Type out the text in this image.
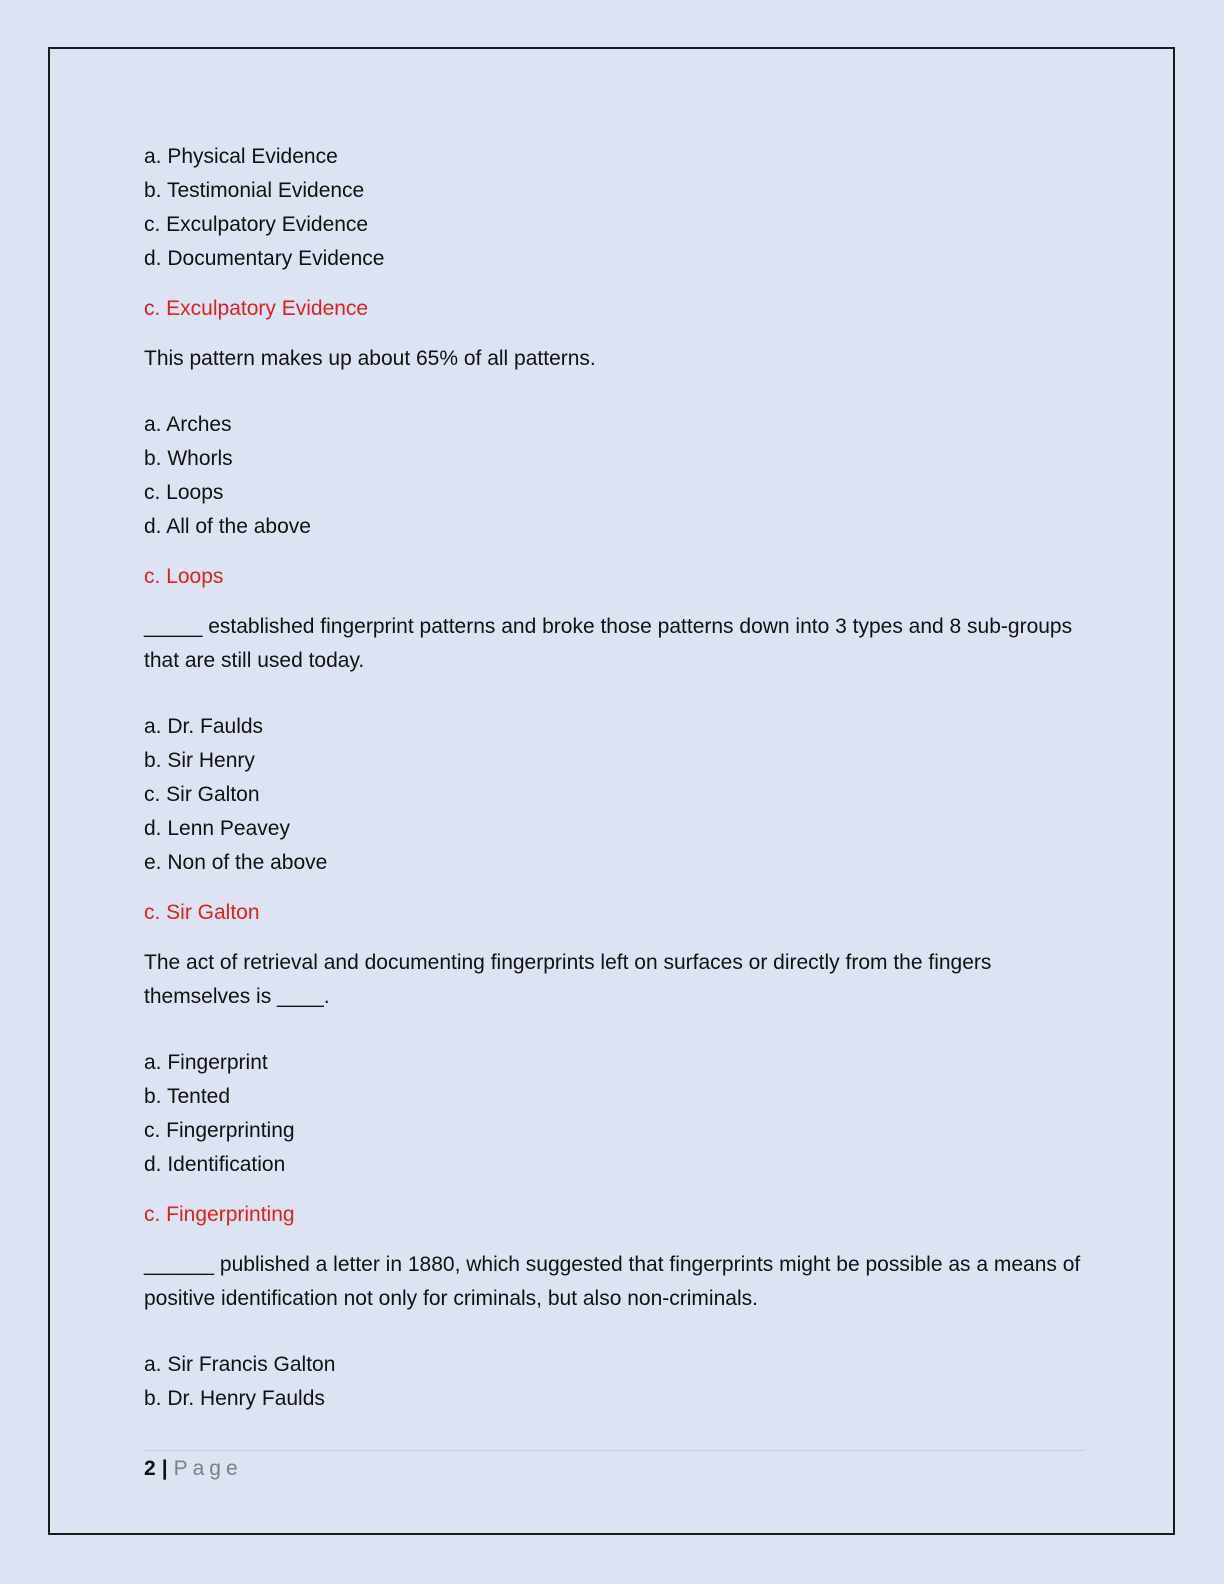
a. Physical Evidence
b. Testimonial Evidence
c. Exculpatory Evidence
d. Documentary Evidence
c. Exculpatory Evidence
This pattern makes up about 65% of all patterns.
a. Arches
b. Whorls
c. Loops
d. All of the above
c. Loops
_____ established fingerprint patterns and broke those patterns down into 3 types and 8 sub-groups that are still used today.
a. Dr. Faulds
b. Sir Henry
c. Sir Galton
d. Lenn Peavey
e. Non of the above
c. Sir Galton
The act of retrieval and documenting fingerprints left on surfaces or directly from the fingers themselves is ____.
a. Fingerprint
b. Tented
c. Fingerprinting
d. Identification
c. Fingerprinting
______ published a letter in 1880, which suggested that fingerprints might be possible as a means of positive identification not only for criminals, but also non-criminals.
a. Sir Francis Galton
b. Dr. Henry Faulds
2 | Page
